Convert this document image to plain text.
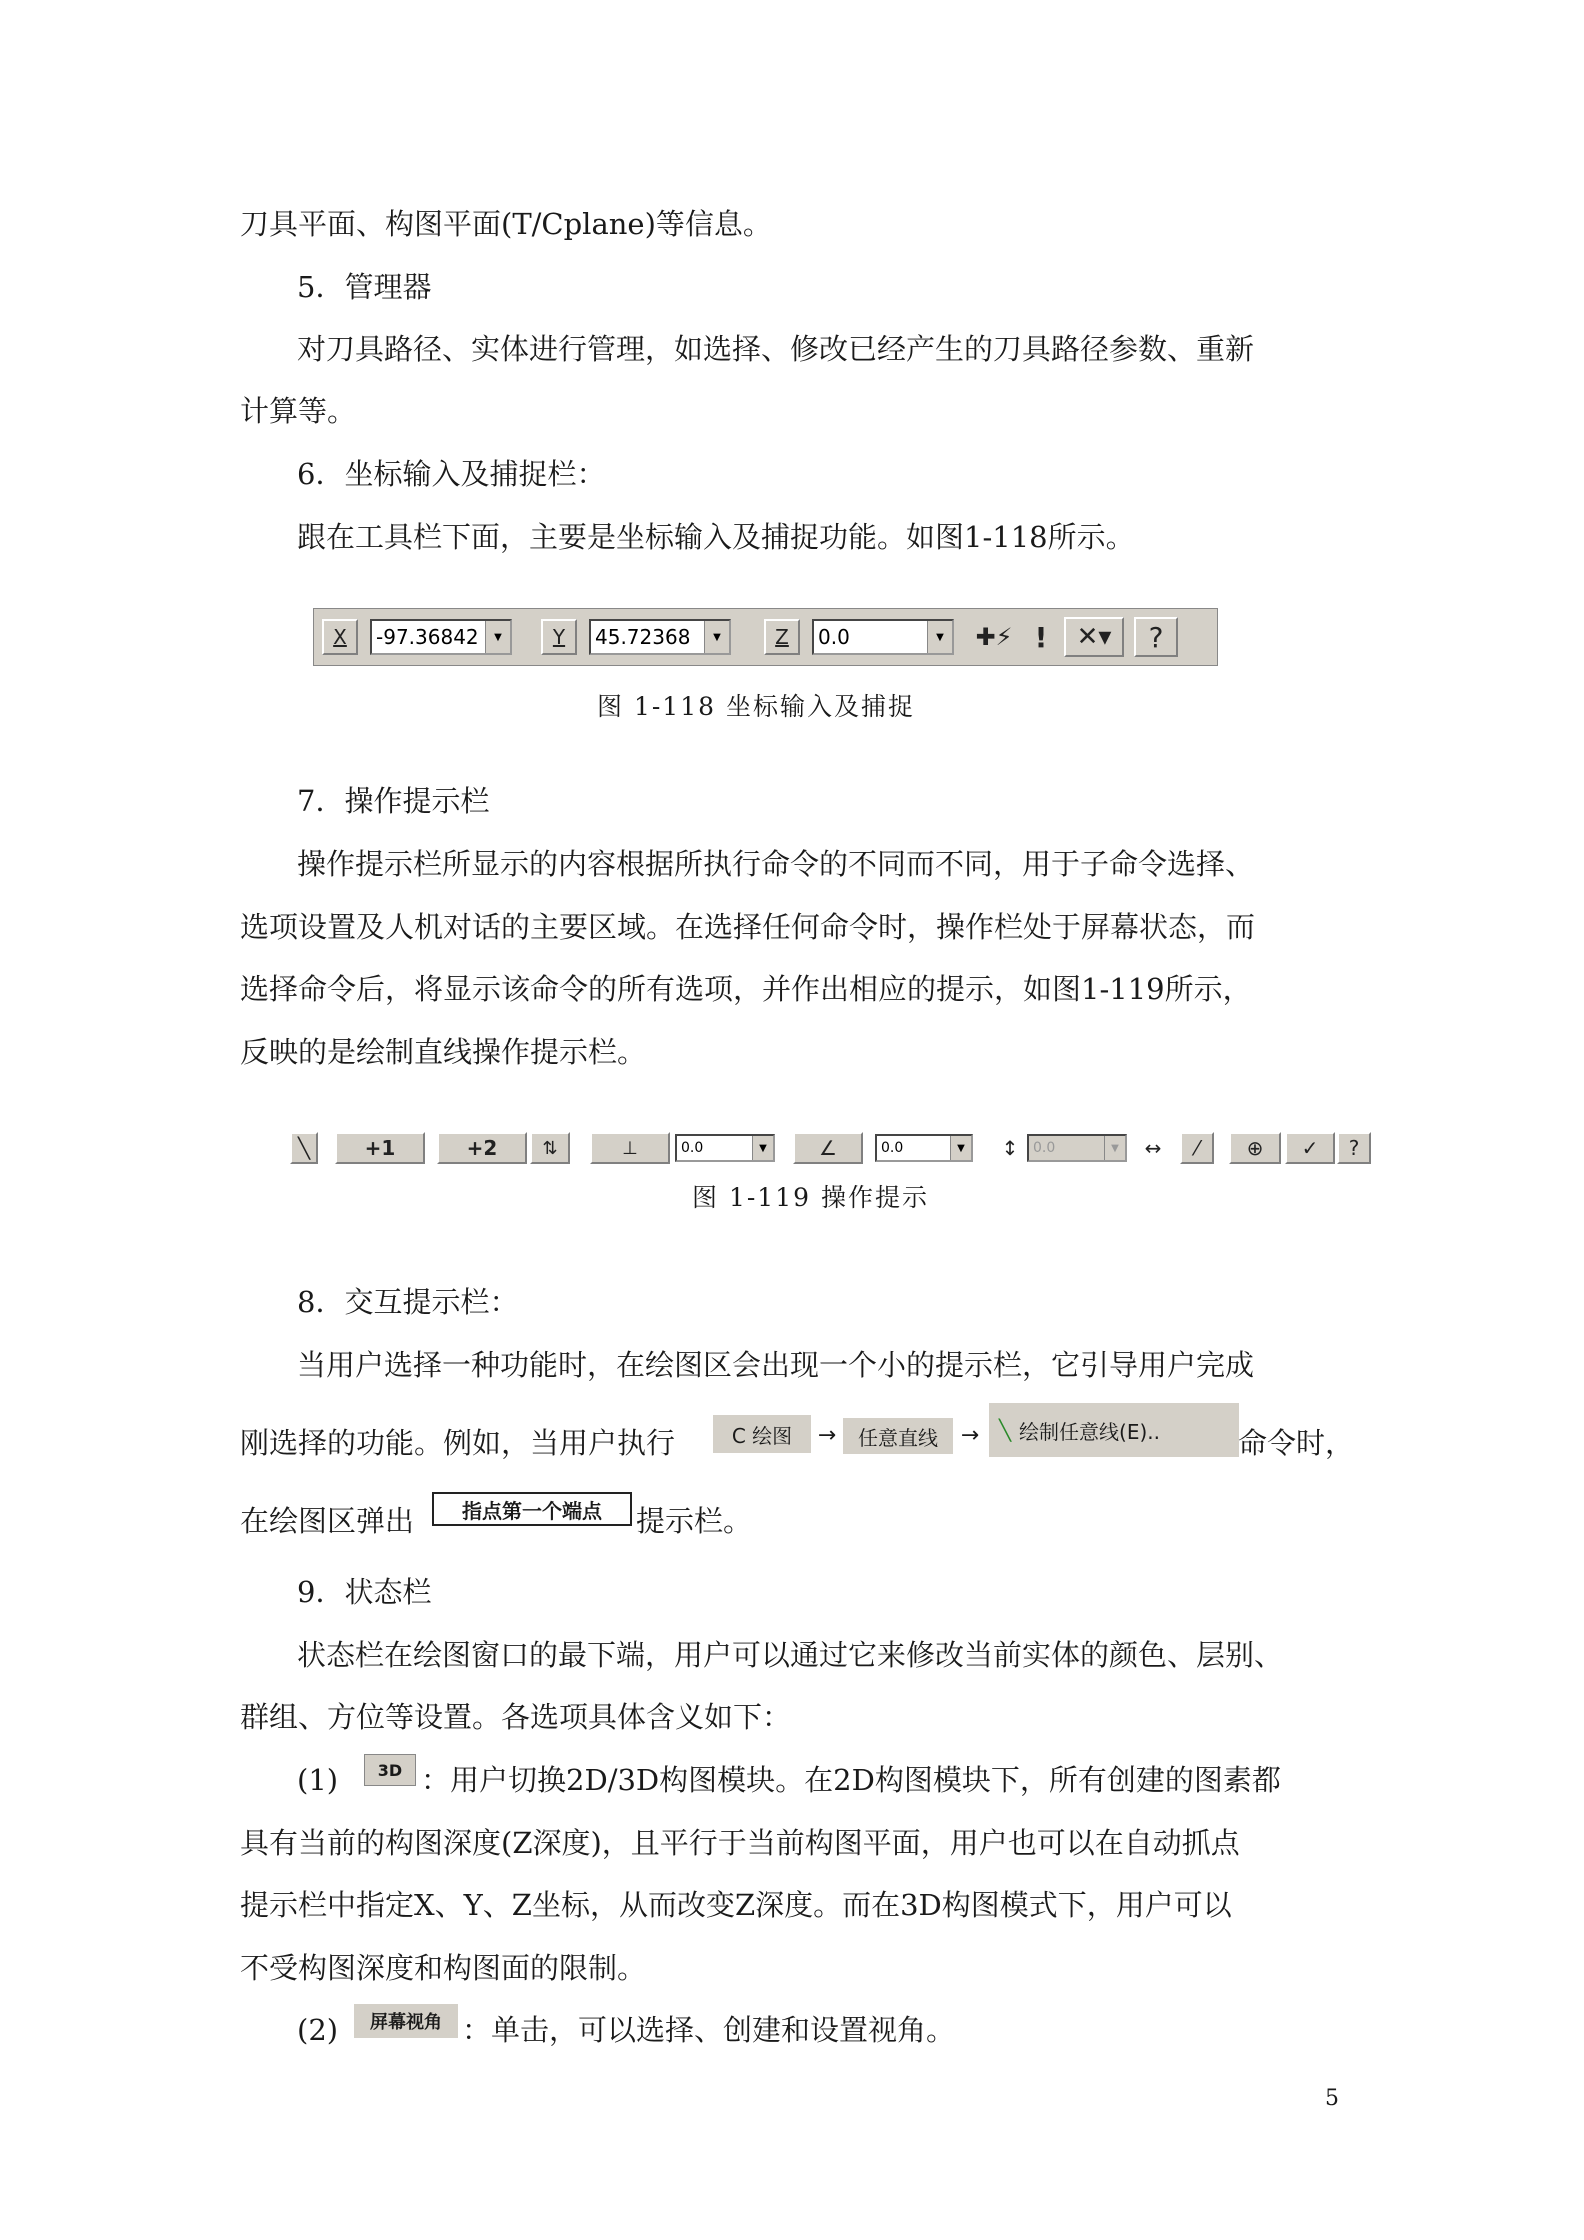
刀具平面、构图平面(T/Cplane)等信息。
5．管理器
对刀具路径、实体进行管理，如选择、修改已经产生的刀具路径参数、重新
计算等。
6．坐标输入及捕捉栏：
跟在工具栏下面，主要是坐标输入及捕捉功能。如图1-118所示。
X	-97.36842	▼	Y	45.72368	▼	Z	0.0	▼	✚⚡ !	✕▾	?
图 1-118 坐标输入及捕捉
7．操作提示栏
操作提示栏所显示的内容根据所执行命令的不同而不同，用于子命令选择、
选项设置及人机对话的主要区域。在选择任何命令时，操作栏处于屏幕状态，而
选择命令后，将显示该命令的所有选项，并作出相应的提示，如图1-119所示，
反映的是绘制直线操作提示栏。
╲	+1	+2	⇅	⊥	0.0	▼	∠	0.0	▼	↕	0.0	▼	↔	⁄	⊕	✓	?
图 1-119 操作提示
8．交互提示栏：
当用户选择一种功能时，在绘图区会出现一个小的提示栏，它引导用户完成
刚选择的功能。例如，当用户执行	C 绘图 → 任意直线 → ╲ 绘制任意线(E)..	命令时，
在绘图区弹出 指点第一个端点 提示栏。
9．状态栏
状态栏在绘图窗口的最下端，用户可以通过它来修改当前实体的颜色、层别、
群组、方位等设置。各选项具体含义如下：
(1) 3D ：用户切换2D/3D构图模块。在2D构图模块下，所有创建的图素都
具有当前的构图深度(Z深度)，且平行于当前构图平面，用户也可以在自动抓点
提示栏中指定X、Y、Z坐标，从而改变Z深度。而在3D构图模式下，用户可以
不受构图深度和构图面的限制。
(2) 屏幕视角 ：单击，可以选择、创建和设置视角。
5
